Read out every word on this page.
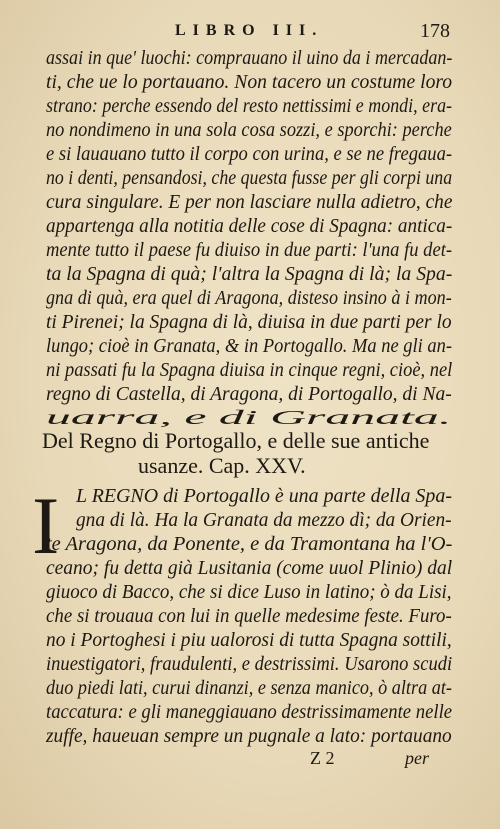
LIBRO III.	178
assai in que' luochi: comprauano il uino da i mercadan-
ti, che ue lo portauano. Non tacero un costume loro
strano: perche essendo del resto nettissimi e mondi, era-
no nondimeno in una sola cosa sozzi, e sporchi: perche
e si lauauano tutto il corpo con urina, e se ne fregaua-
no i denti, pensandosi, che questa fusse per gli corpi una
cura singulare. E per non lasciare nulla adietro, che
appartenga alla notitia delle cose di Spagna: antica-
mente tutto il paese fu diuiso in due parti: l'una fu det-
ta la Spagna di quà; l'altra la Spagna di là; la Spa-
gna di quà, era quel di Aragona, disteso insino à i mon-
ti Pirenei; la Spagna di là, diuisa in due parti per lo
lungo; cioè in Granata, & in Portogallo. Ma ne gli an-
ni passati fu la Spagna diuisa in cinque regni, cioè, nel
regno di Castella, di Aragona, di Portogallo, di Na-
uarra, e di Granata.
Del Regno di Portogallo, e delle sue antiche
usanze. Cap. XXV.
I L REGNO di Portogallo è una parte della Spa-
gna di là. Ha la Granata da mezzo dì; da Orien-
te Aragona, da Ponente, e da Tramontana ha l'O-
ceano; fu detta già Lusitania (come uuol Plinio) dal
giuoco di Bacco, che si dice Luso in latino; ò da Lisi,
che si trouaua con lui in quelle medesime feste. Furo-
no i Portoghesi i piu ualorosi di tutta Spagna sottili,
inuestigatori, fraudulenti, e destrissimi. Usarono scudi
duo piedi lati, curui dinanzi, e senza manico, ò altra at-
taccatura: e gli maneggiauano destrissimamente nelle
zuffe, haueuan sempre un pugnale a lato: portauano
Z 2	per
